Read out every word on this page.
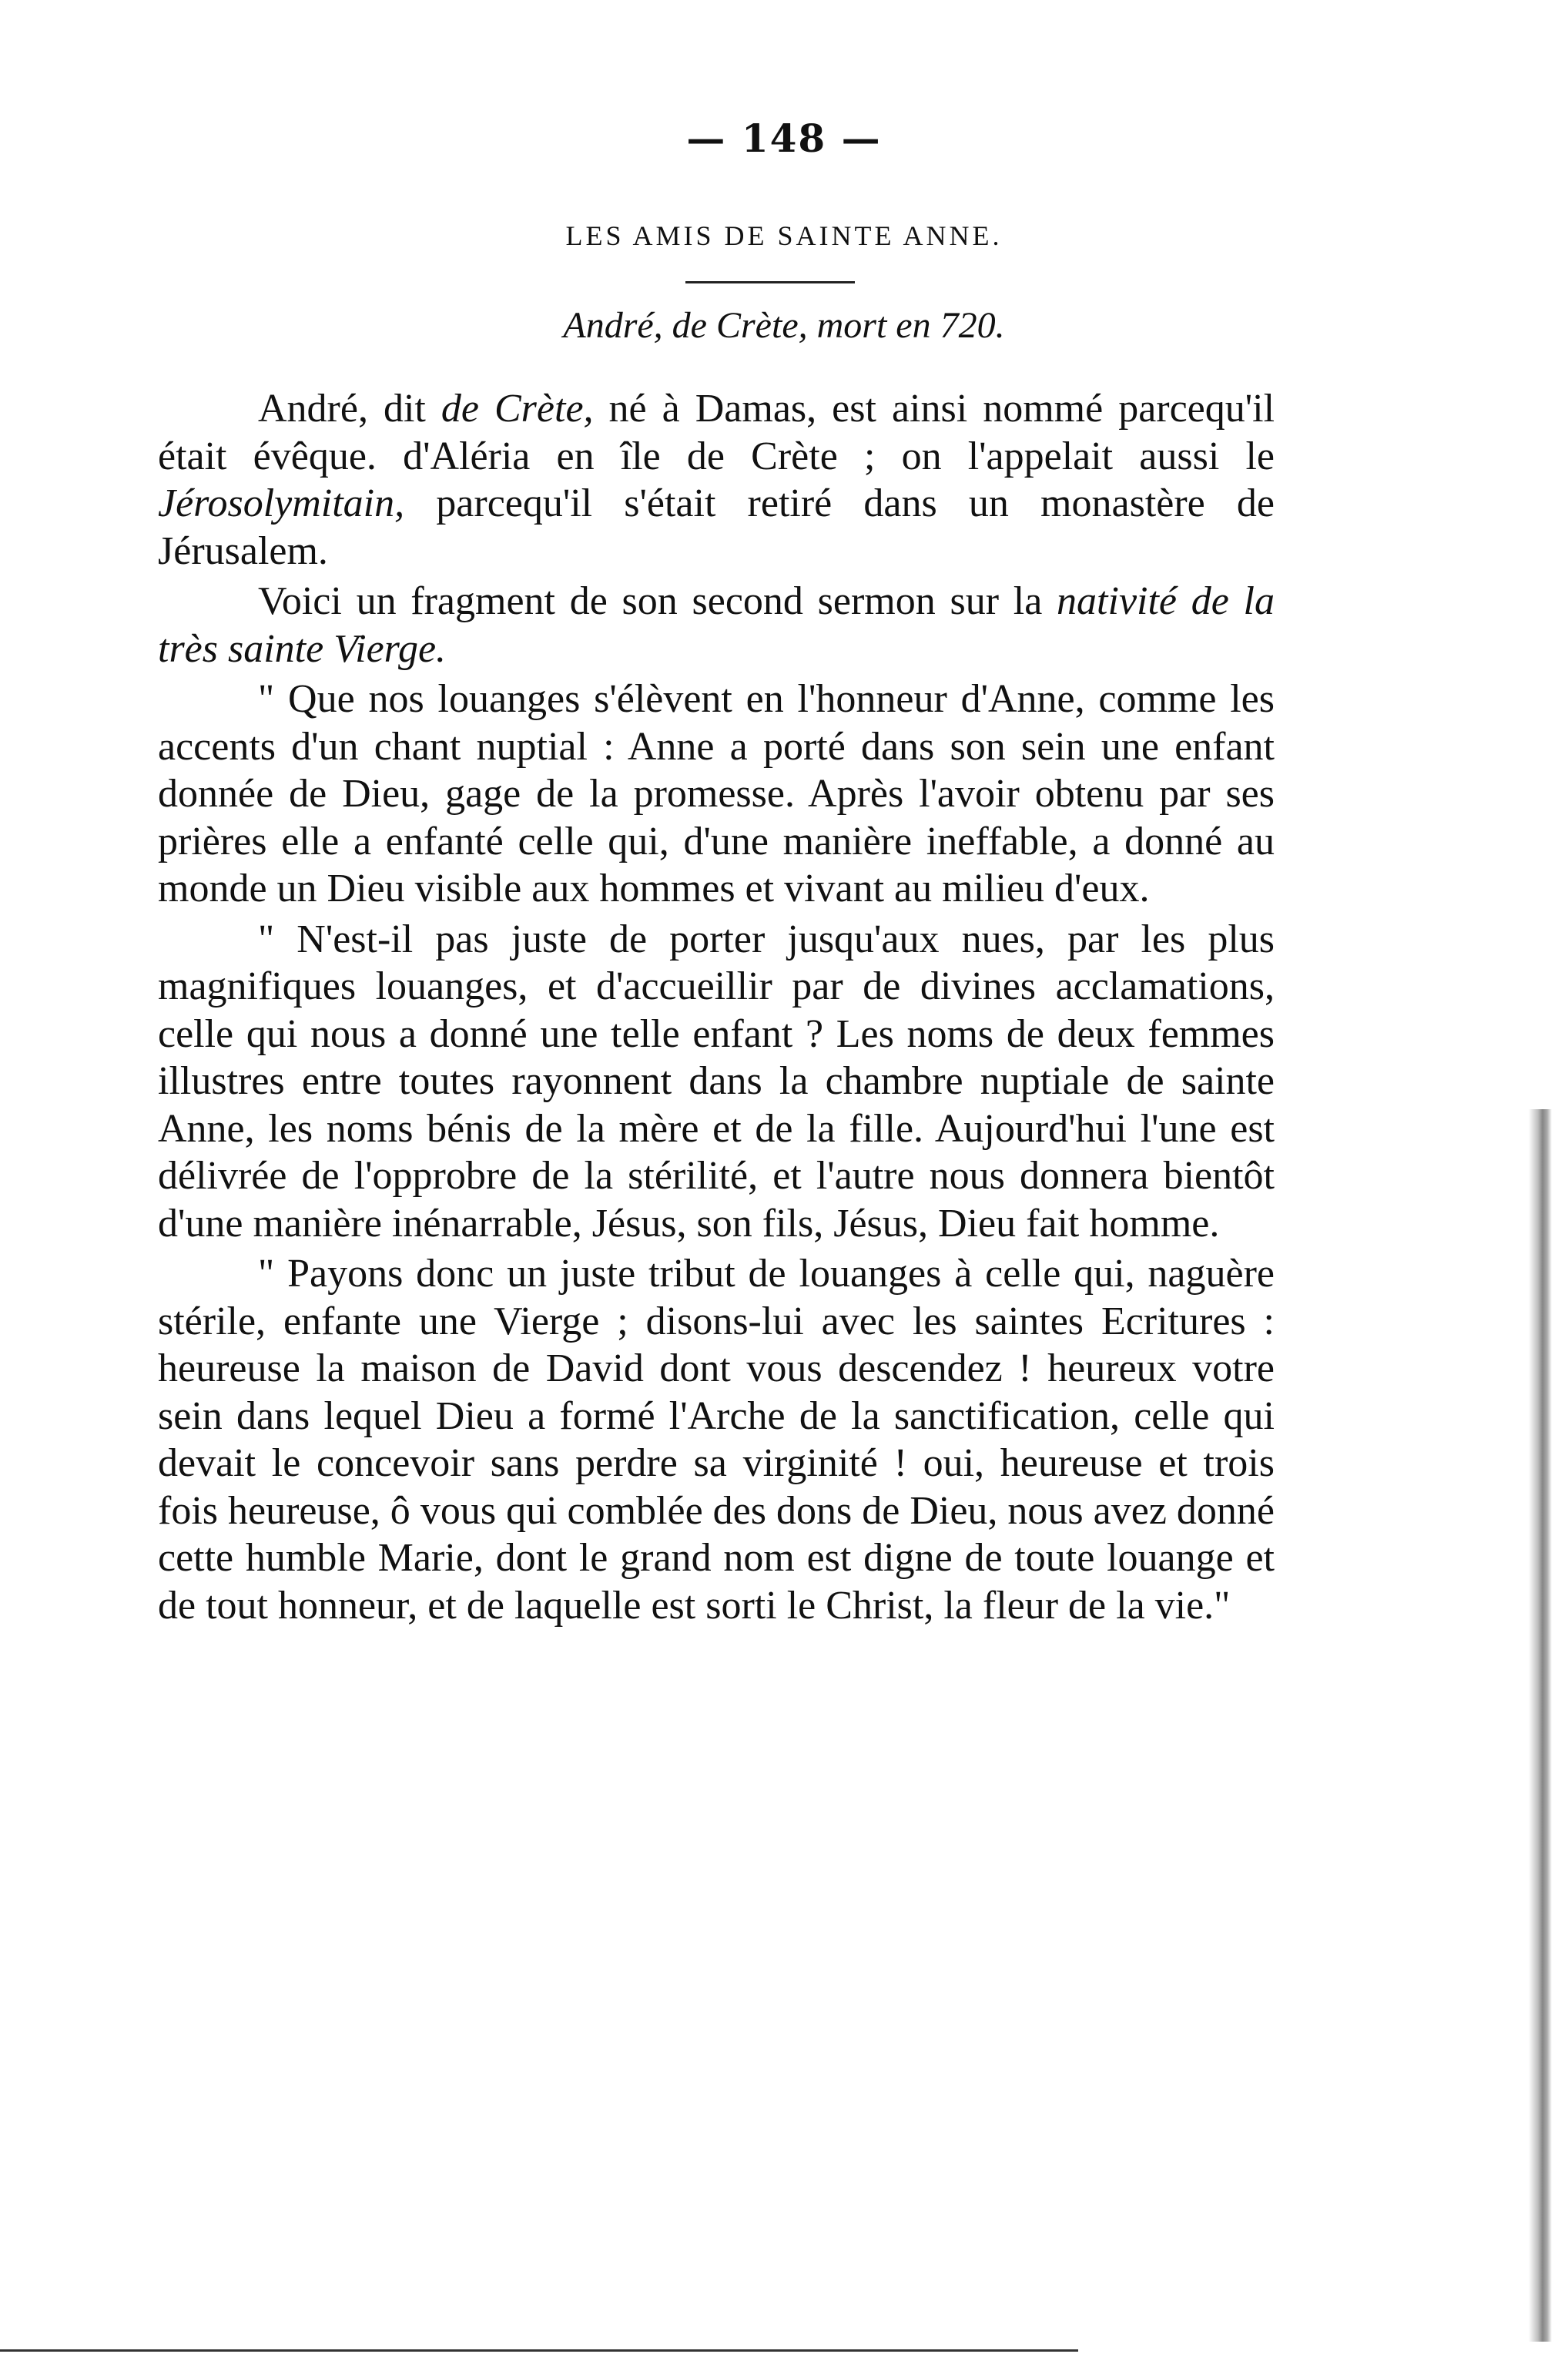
— 148 —
LES AMIS DE SAINTE ANNE.
André, de Crète, mort en 720.

André, dit de Crète, né à Damas, est ainsi nommé parcequ'il était évêque. d'Aléria en île de Crète ; on l'appelait aussi le Jérosolymitain, parcequ'il s'était retiré dans un monastère de Jérusalem.

Voici un fragment de son second sermon sur la nativité de la très sainte Vierge.

" Que nos louanges s'élèvent en l'honneur d'Anne, comme les accents d'un chant nuptial : Anne a porté dans son sein une enfant donnée de Dieu, gage de la promesse. Après l'avoir obtenu par ses prières elle a enfanté celle qui, d'une manière ineffable, a donné au monde un Dieu visible aux hommes et vivant au milieu d'eux.

" N'est-il pas juste de porter jusqu'aux nues, par les plus magnifiques louanges, et d'accueillir par de divines acclamations, celle qui nous a donné une telle enfant ? Les noms de deux femmes illustres entre toutes rayonnent dans la chambre nuptiale de sainte Anne, les noms bénis de la mère et de la fille. Aujourd'hui l'une est délivrée de l'opprobre de la stérilité, et l'autre nous donnera bientôt d'une manière inénarrable, Jésus, son fils, Jésus, Dieu fait homme.

" Payons donc un juste tribut de louanges à celle qui, naguère stérile, enfante une Vierge ; disons-lui avec les saintes Ecritures : heureuse la maison de David dont vous descendez ! heureux votre sein dans lequel Dieu a formé l'Arche de la sanctification, celle qui devait le concevoir sans perdre sa virginité ! oui, heureuse et trois fois heureuse, ô vous qui comblée des dons de Dieu, nous avez donné cette humble Marie, dont le grand nom est digne de toute louange et de tout honneur, et de laquelle est sorti le Christ, la fleur de la vie."
